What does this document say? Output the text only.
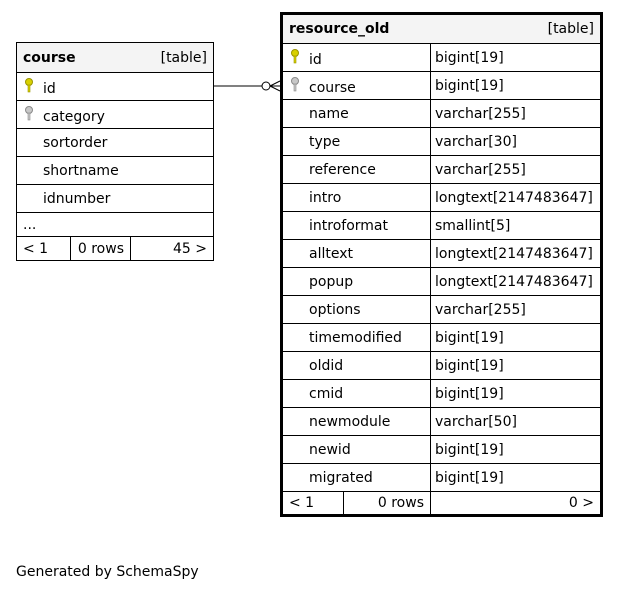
course	[table]

id
category
sortorder
shortname
idnumber
...
< 1	0 rows	45 >
resource_old [table]		

id		bigint[19]
course		bigint[19]
name		varchar[255]
type		varchar[30]
reference		varchar[255]
intro		longtext[2147483647]
introformat		smallint[5]
alltext		longtext[2147483647]
popup		longtext[2147483647]
options		varchar[255]
timemodified		bigint[19]
oldid		bigint[19]
cmid		bigint[19]
newmodule		varchar[50]
newid		bigint[19]
migrated		bigint[19]
< 1	0 rows	0 >
Generated by SchemaSpy
